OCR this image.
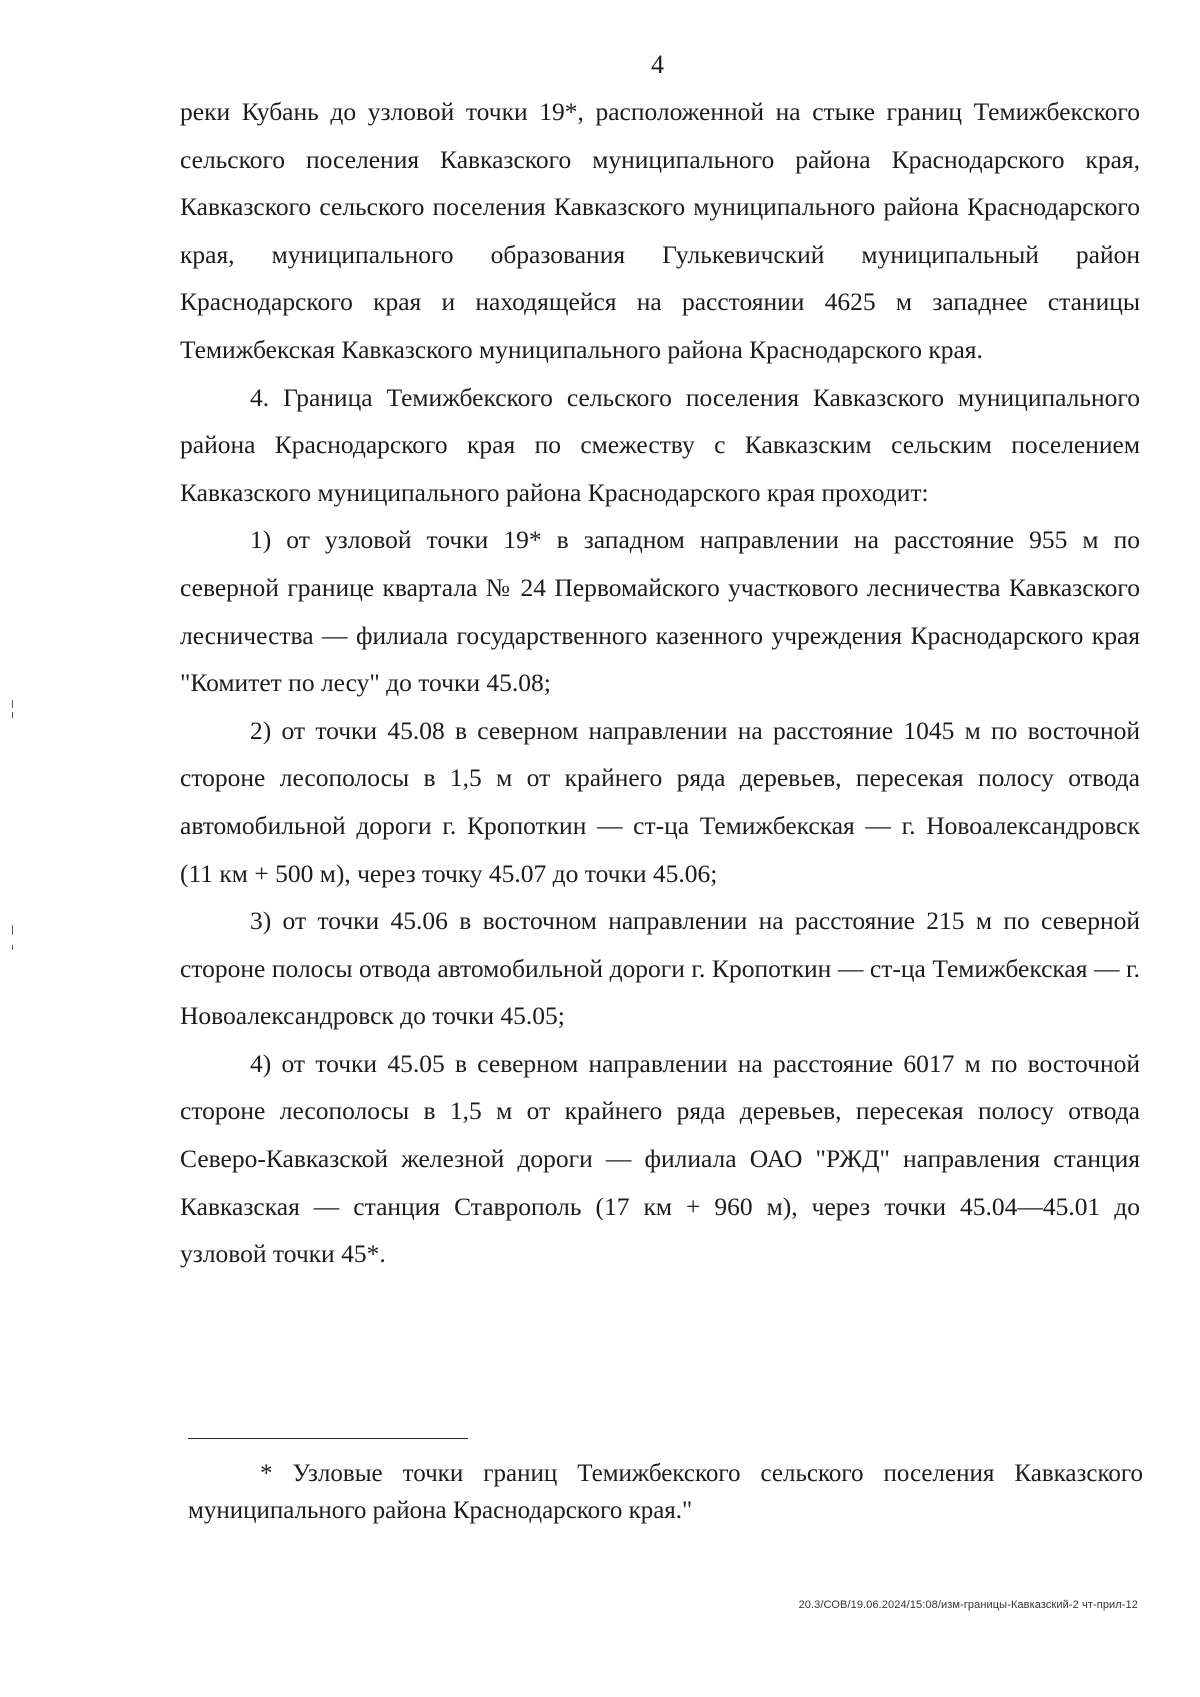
4

реки Кубань до узловой точки 19*, расположенной на стыке границ Темижбекского сельского поселения Кавказского муниципального района Краснодарского края, Кавказского сельского поселения Кавказского муниципального района Краснодарского края, муниципального образования Гулькевичский муниципальный район Краснодарского края и находящейся на расстоянии 4625 м западнее станицы Темижбекская Кавказского муниципального района Краснодарского края.

4. Граница Темижбекского сельского поселения Кавказского муниципального района Краснодарского края по смежеству с Кавказским сельским поселением Кавказского муниципального района Краснодарского края проходит:

1) от узловой точки 19* в западном направлении на расстояние 955 м по северной границе квартала № 24 Первомайского участкового лесничества Кавказского лесничества — филиала государственного казенного учреждения Краснодарского края "Комитет по лесу" до точки 45.08;

2) от точки 45.08 в северном направлении на расстояние 1045 м по восточной стороне лесополосы в 1,5 м от крайнего ряда деревьев, пересекая полосу отвода автомобильной дороги г. Кропоткин — ст-ца Темижбекская — г. Новоалександровск (11 км + 500 м), через точку 45.07 до точки 45.06;

3) от точки 45.06 в восточном направлении на расстояние 215 м по северной стороне полосы отвода автомобильной дороги г. Кропоткин — ст-ца Темижбекская — г. Новоалександровск до точки 45.05;

4) от точки 45.05 в северном направлении на расстояние 6017 м по восточной стороне лесополосы в 1,5 м от крайнего ряда деревьев, пересекая полосу отвода Северо-Кавказской железной дороги — филиала ОАО "РЖД" направления станция Кавказская — станция Ставрополь (17 км + 960 м), через точки 45.04—45.01 до узловой точки 45*.

* Узловые точки границ Темижбекского сельского поселения Кавказского муниципального района Краснодарского края."

20.3/СОВ/19.06.2024/15:08/изм-границы-Кавказский-2 чт-прил-12
